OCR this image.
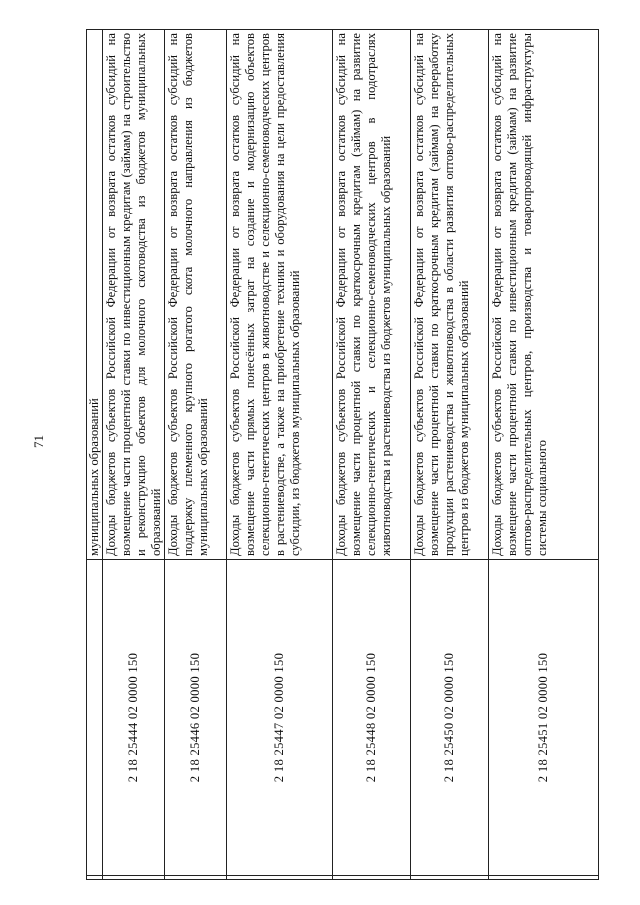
71
			муниципальных образований
	2 18 25444 02 0000 150	Доходы бюджетов субъектов Российской Федерации от возврата остатков субсидий на возмещение части процентной ставки по инвестиционным кредитам (займам) на строительство и реконструкцию объектов для молочного скотоводства из бюджетов муниципальных образований
	2 18 25446 02 0000 150	Доходы бюджетов субъектов Российской Федерации от возврата остатков субсидий на поддержку племенного крупного рогатого скота молочного направления из бюджетов муниципальных образований
	2 18 25447 02 0000 150	Доходы бюджетов субъектов Российской Федерации от возврата остатков субсидий на возмещение части прямых понесённых затрат на создание и модернизацию объектов селекционно-генетических центров в животноводстве и селекционно-семеноводческих центров в растениеводстве, а также на приобретение техники и оборудования на цели предоставления субсидии, из бюджетов муниципальных образований
	2 18 25448 02 0000 150	Доходы бюджетов субъектов Российской Федерации от возврата остатков субсидий на возмещение части процентной ставки по краткосрочным кредитам (займам) на развитие селекционно-генетических и селекционно-семеноводческих центров в подотраслях животноводства и растениеводства из бюджетов муниципальных образований
	2 18 25450 02 0000 150	Доходы бюджетов субъектов Российской Федерации от возврата остатков субсидий на возмещение части процентной ставки по краткосрочным кредитам (займам) на переработку продукции растениеводства и животноводства в области развития оптово-распределительных центров из бюджетов муниципальных образований
	2 18 25451 02 0000 150	Доходы бюджетов субъектов Российской Федерации от возврата остатков субсидий на возмещение части процентной ставки по инвестиционным кредитам (займам) на развитие оптово-распределительных центров, производства и товаропроводящей инфраструктуры системы социального
